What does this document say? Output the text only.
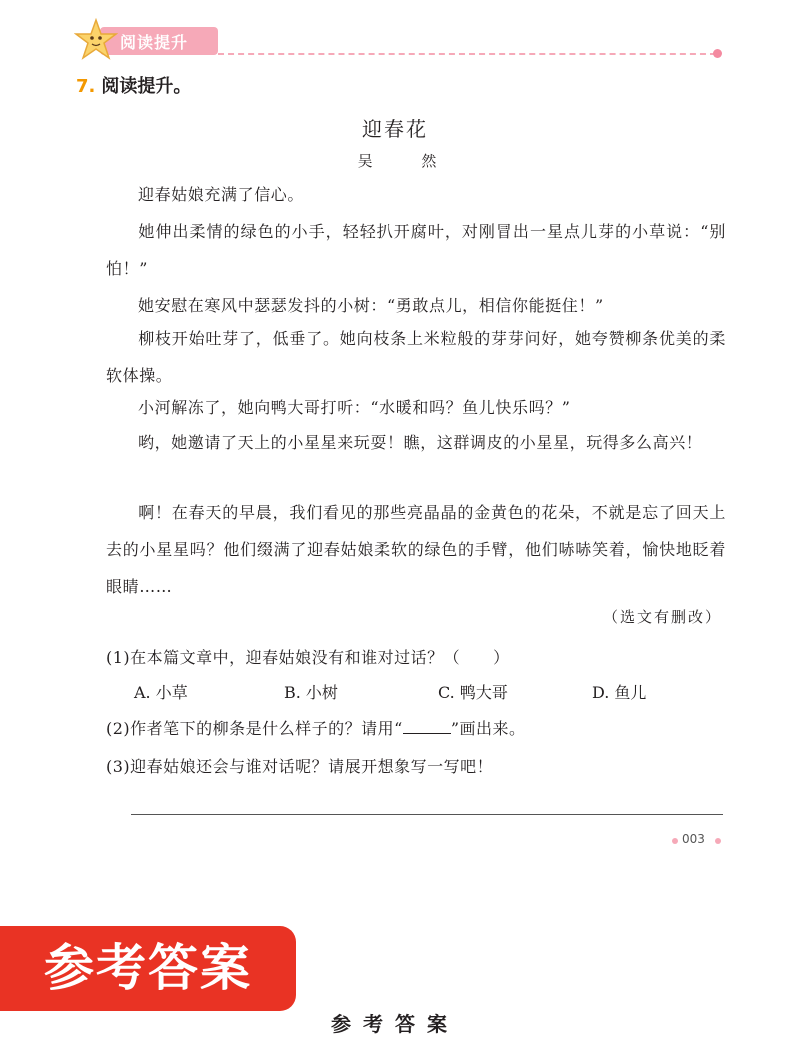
阅读提升
7. 阅读提升。
迎春花
吴 然
迎春姑娘充满了信心。
她伸出柔情的绿色的小手，轻轻扒开腐叶，对刚冒出一星点儿芽的小草说：“别怕！”
她安慰在寒风中瑟瑟发抖的小树：“勇敢点儿，相信你能挺住！”
柳枝开始吐芽了，低垂了。她向枝条上米粒般的芽芽问好，她夸赞柳条优美的柔软体操。
小河解冻了，她向鸭大哥打听：“水暖和吗？鱼儿快乐吗？”
哟，她邀请了天上的小星星来玩耍！瞧，这群调皮的小星星，玩得多么高兴！
啊！在春天的早晨，我们看见的那些亮晶晶的金黄色的花朵，不就是忘了回天上去的小星星吗？他们缀满了迎春姑娘柔软的绿色的手臂，他们哧哧笑着，愉快地眨着眼睛……
（选文有删改）
(1)在本篇文章中，迎春姑娘没有和谁对过话？（　　）
A. 小草	B. 小树	C. 鸭大哥	D. 鱼儿
(2)作者笔下的柳条是什么样子的？请用“	”画出来。
(3)迎春姑娘还会与谁对话呢？请展开想象写一写吧！
003
参考答案
参考答案
